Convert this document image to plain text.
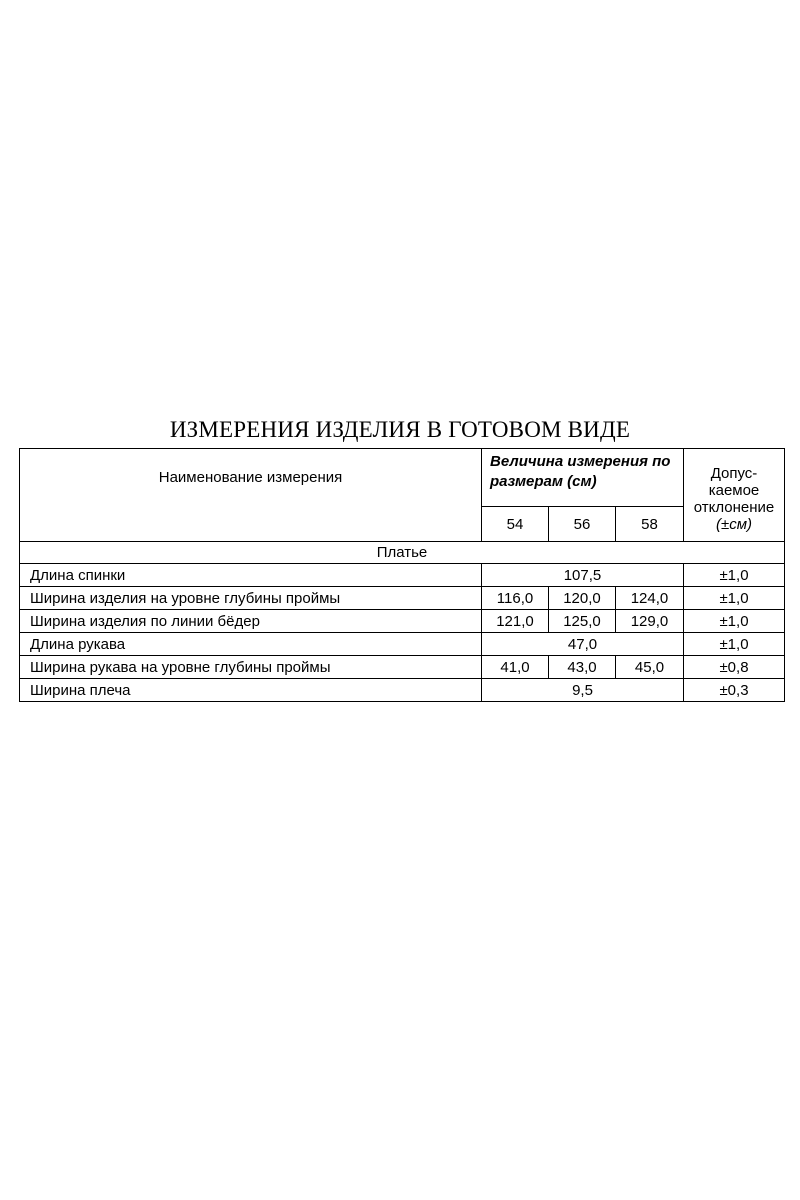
ИЗМЕРЕНИЯ ИЗДЕЛИЯ В ГОТОВОМ ВИДЕ
Наименование измерения	Величина измерения по размерам (см)			Допус-
каемое
отклонение
(±см)
	54	56	58	
Платье				
Длина спинки	107,5			±1,0
Ширина изделия на уровне глубины проймы	116,0	120,0	124,0	±1,0
Ширина изделия по линии бёдер	121,0	125,0	129,0	±1,0
Длина рукава	47,0			±1,0
Ширина рукава на уровне глубины проймы	41,0	43,0	45,0	±0,8
Ширина плеча	9,5			±0,3
